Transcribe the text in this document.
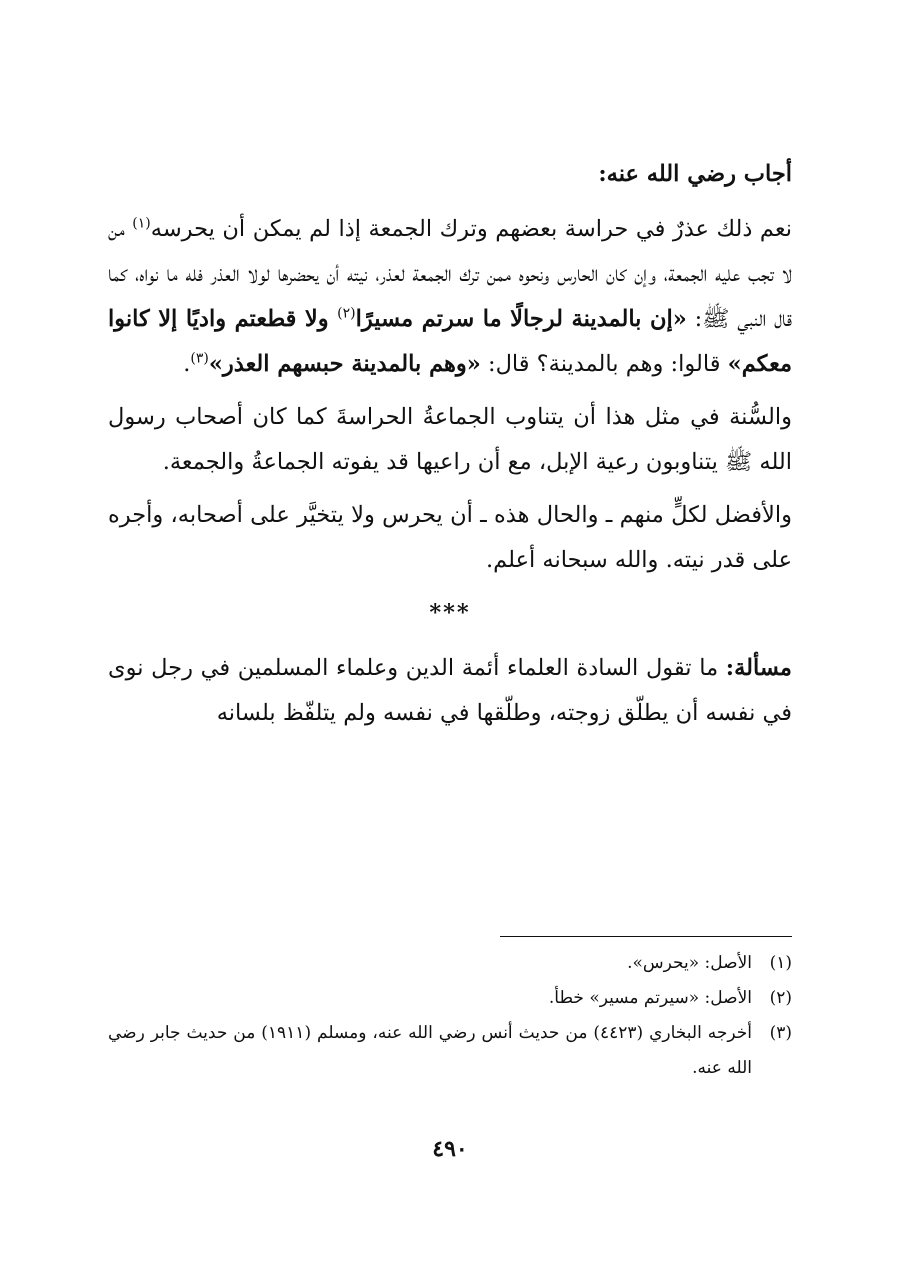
أجاب رضي الله عنه:

نعم ذلك عذرٌ في حراسة بعضهم وترك الجمعة إذا لم يمكن أن يحرسه$^{(١)}$ من لا تجب عليه الجمعة، وإن كان الحارس ونحوه ممن ترك الجمعة لعذر، نيته أن يحضرها لولا العذر فله ما نواه، كما قال النبي ﷺ: «إن بالمدينة لرجالًا ما سرتم مسيرًا$^{(٢)}$ ولا قطعتم واديًا إلا كانوا معكم» قالوا: وهم بالمدينة؟ قال: «وهم بالمدينة حبسهم العذر»$^{(٣)}$.

والسُّنة في مثل هذا أن يتناوب الجماعةُ الحراسةَ كما كان أصحاب رسول الله ﷺ يتناوبون رعية الإبل، مع أن راعيها قد يفوته الجماعةُ والجمعة.

والأفضل لكلٍّ منهم ـ والحال هذه ـ أن يحرس ولا يتخيَّر على أصحابه، وأجره على قدر نيته. والله سبحانه أعلم.

***

مسألة: ما تقول السادة العلماء أئمة الدين وعلماء المسلمين في رجل نوى في نفسه أن يطلّق زوجته، وطلّقها في نفسه ولم يتلفّظ بلسانه

(١)
الأصل: «يحرس».
(٢)
الأصل: «سيرتم مسير» خطأ.
(٣)
أخرجه البخاري (٤٤٢٣) من حديث أنس رضي الله عنه، ومسلم (١٩١١) من حديث جابر رضي الله عنه.
٤٩٠
